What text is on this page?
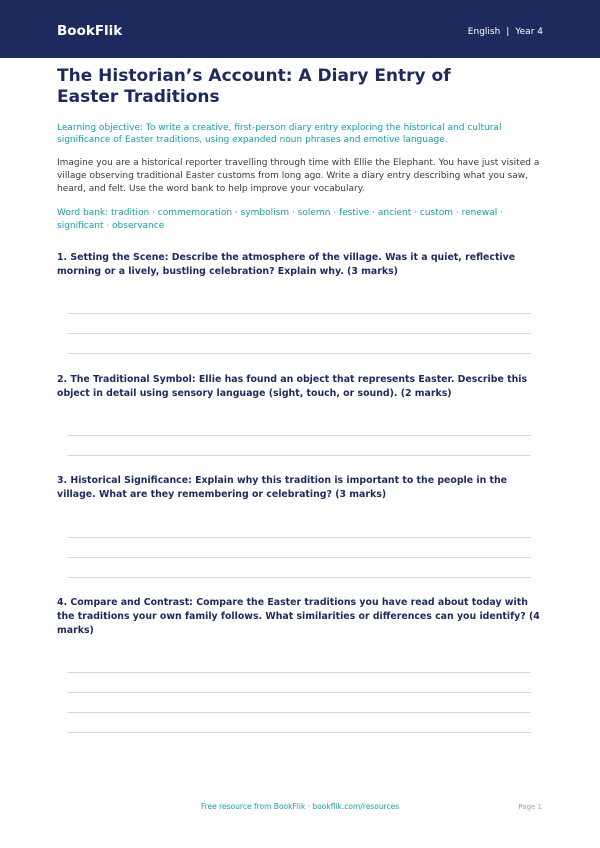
BookFlik	English | Year 4
The Historian’s Account: A Diary Entry of Easter Traditions
Learning objective: To write a creative, first-person diary entry exploring the historical and cultural significance of Easter traditions, using expanded noun phrases and emotive language.
Imagine you are a historical reporter travelling through time with Ellie the Elephant. You have just visited a village observing traditional Easter customs from long ago. Write a diary entry describing what you saw, heard, and felt. Use the word bank to help improve your vocabulary.
Word bank: tradition · commemoration · symbolism · solemn · festive · ancient · custom · renewal · significant · observance
1. Setting the Scene: Describe the atmosphere of the village. Was it a quiet, reflective morning or a lively, bustling celebration? Explain why. (3 marks)
2. The Traditional Symbol: Ellie has found an object that represents Easter. Describe this object in detail using sensory language (sight, touch, or sound). (2 marks)
3. Historical Significance: Explain why this tradition is important to the people in the village. What are they remembering or celebrating? (3 marks)
4. Compare and Contrast: Compare the Easter traditions you have read about today with the traditions your own family follows. What similarities or differences can you identify? (4 marks)
Free resource from BookFlik · bookflik.com/resources	Page 1
